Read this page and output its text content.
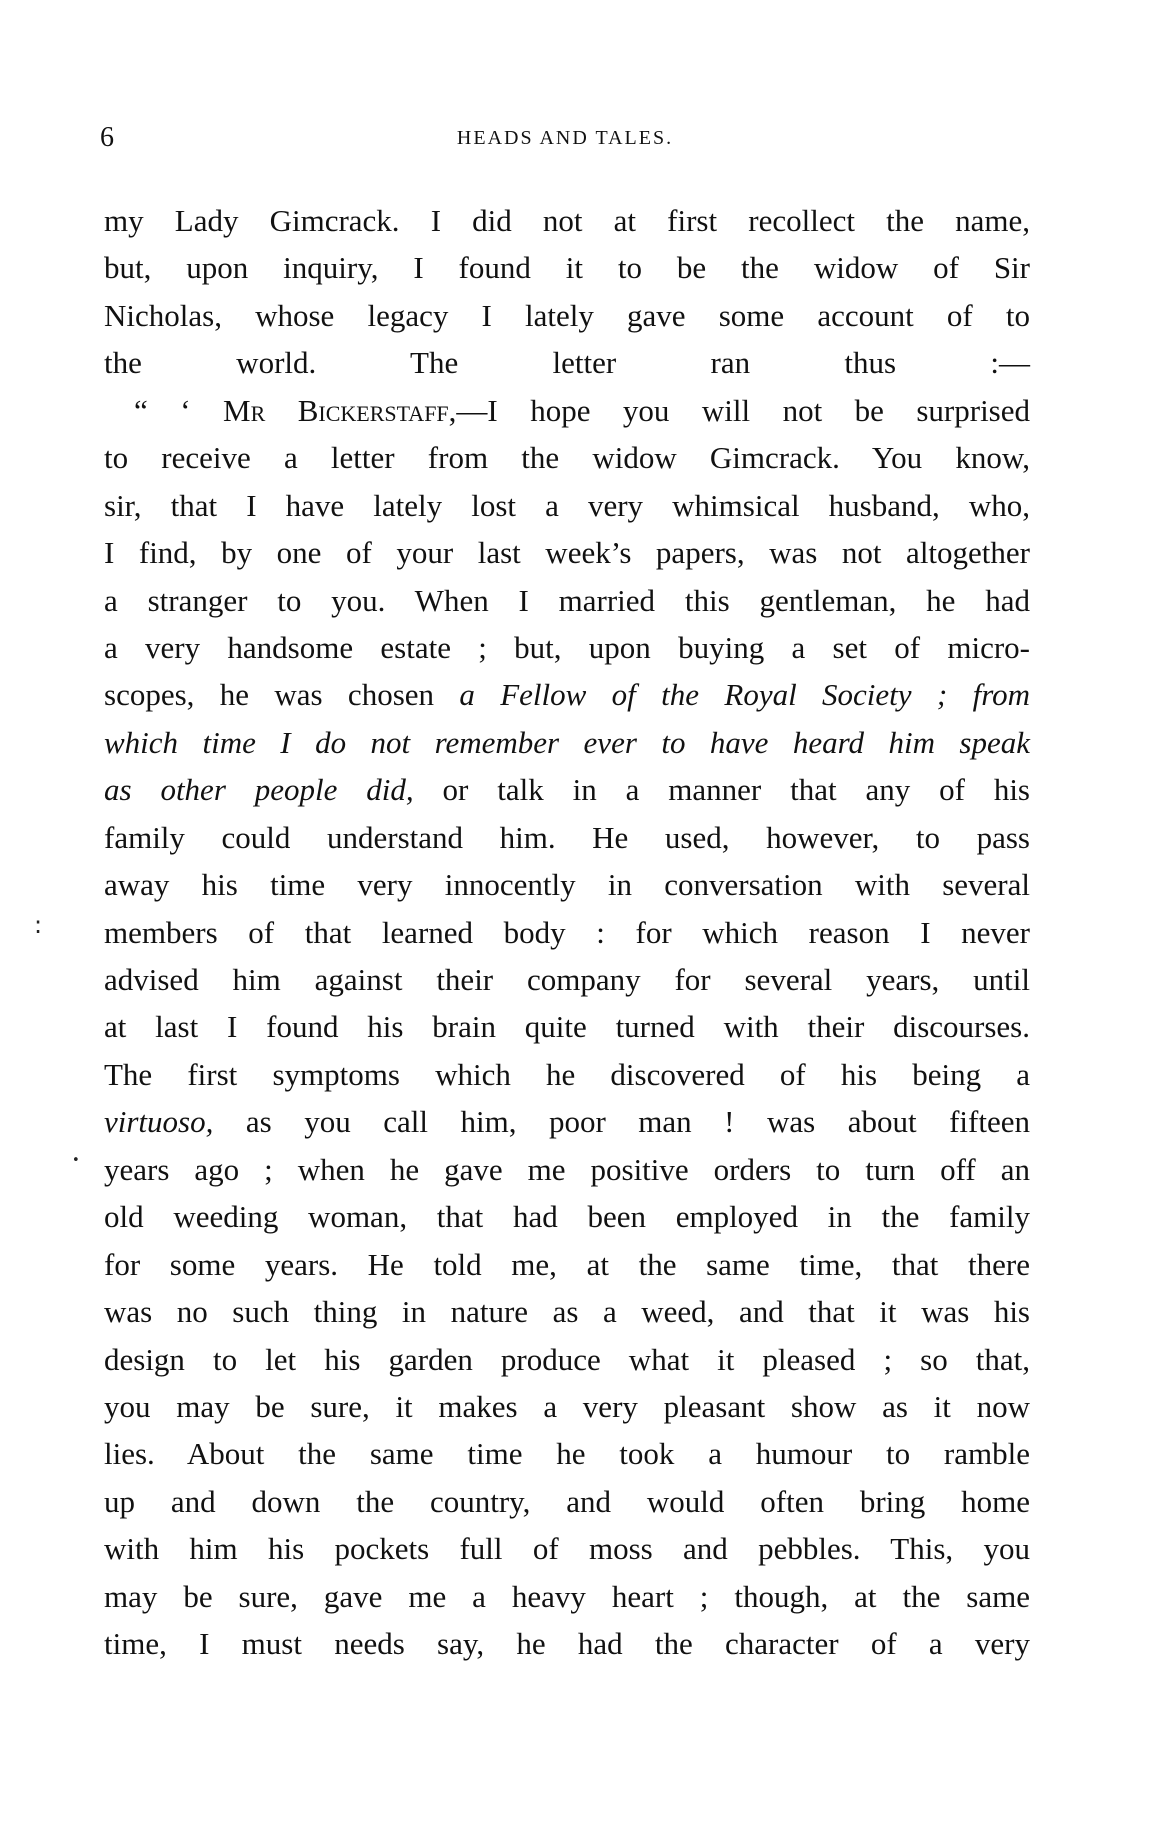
6	HEADS AND TALES.
:
•
my Lady Gimcrack. I did not at first recollect the name,
but, upon inquiry, I found it to be the widow of Sir
Nicholas, whose legacy I lately gave some account of to
the world. The letter ran thus :—
“ ‘ Mr Bickerstaff,—I hope you will not be surprised
to receive a letter from the widow Gimcrack. You know,
sir, that I have lately lost a very whimsical husband, who,
I find, by one of your last week’s papers, was not altogether
a stranger to you. When I married this gentleman, he had
a very handsome estate ; but, upon buying a set of micro-
scopes, he was chosen a Fellow of the Royal Society ; from
which time I do not remember ever to have heard him speak
as other people did, or talk in a manner that any of his
family could understand him. He used, however, to pass
away his time very innocently in conversation with several
members of that learned body : for which reason I never
advised him against their company for several years, until
at last I found his brain quite turned with their discourses.
The first symptoms which he discovered of his being a
virtuoso, as you call him, poor man ! was about fifteen
years ago ; when he gave me positive orders to turn off an
old weeding woman, that had been employed in the family
for some years. He told me, at the same time, that there
was no such thing in nature as a weed, and that it was his
design to let his garden produce what it pleased ; so that,
you may be sure, it makes a very pleasant show as it now
lies. About the same time he took a humour to ramble
up and down the country, and would often bring home
with him his pockets full of moss and pebbles. This, you
may be sure, gave me a heavy heart ; though, at the same
time, I must needs say, he had the character of a very
